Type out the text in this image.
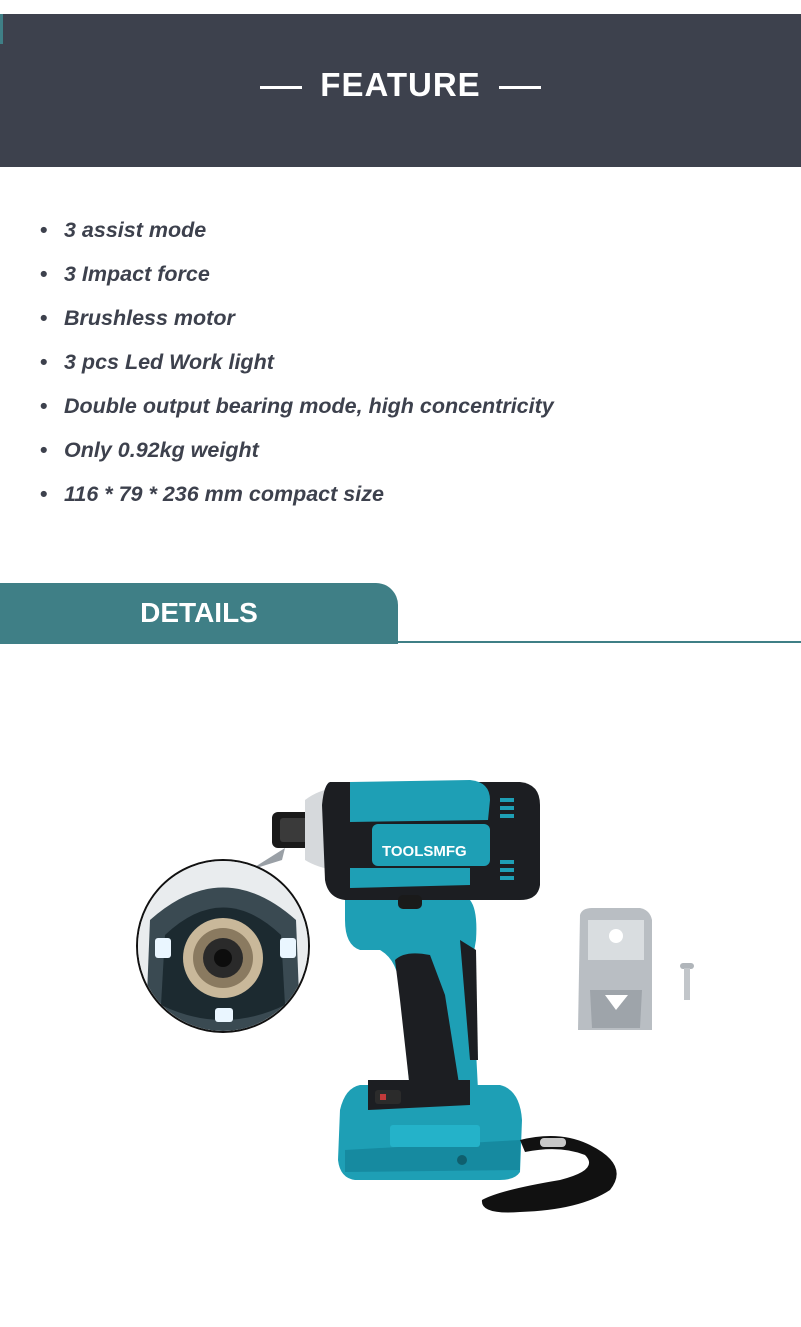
FEATURE
• 3 assist mode
• 3 Impact force
• Brushless motor
• 3 pcs Led Work light
• Double output bearing mode, high concentricity
• Only 0.92kg weight
• 116 * 79 * 236 mm compact size
DETAILS
TOOLSMFG
